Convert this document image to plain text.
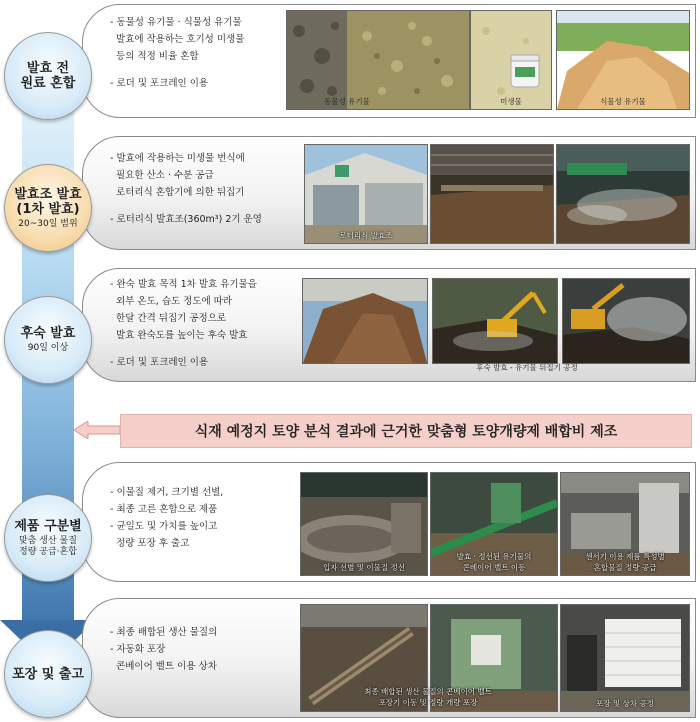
- 동물성 유기물 · 식물성 유기물

발효에 작용하는 호기성 미생물

등의 적정 비율 혼합

- 로더 및 포크레인 이용

동물성 유기물	미생물	식물성 유기물
발효 전
원료 혼합

- 발효에 작용하는 미생물 번식에

필요한 산소 · 수분 공급

로터리식 혼합기에 의한 뒤집기

- 로터리식 발효조(360m³) 2기 운영

로터리식 발효조
발효조 발효
(1차 발효)
20~30일 범위

- 완숙 발효 목적 1차 발효 유기물을

외부 온도, 습도 정도에 따라

한달 간격 뒤집기 공정으로

발효 완숙도를 높이는 후숙 발효

- 로더 및 포크레인 이용	후숙 발효 - 유기물 뒤집기 공정
후숙 발효
90일 이상
식재 예정지 토양 분석 결과에 근거한 맞춤형 토양개량제 배합비 제조

- 이물질 제거, 크기별 선별,

- 최종 고른 혼합으로 제품

- 균일도 및 가치를 높이고

정량 포장 후 출고

입자 선별 및 이물질 정선
발효 · 정선된 유기물의
콘베이어 벨트 이동
센서기 이용 제품 특성별
혼합물질 정량 공급
제품 구분별
맞춤 생산 물질
정량 공급·혼합

- 최종 배합된 생산 물질의

- 자동화 포장

콘베이어 벨트 이용 상차

최종 배합된 생산 물질의 콘베이어 벨트
포장기 이동 및 정량 개량 포장	포장 및 상차 공정
포장 및 출고
